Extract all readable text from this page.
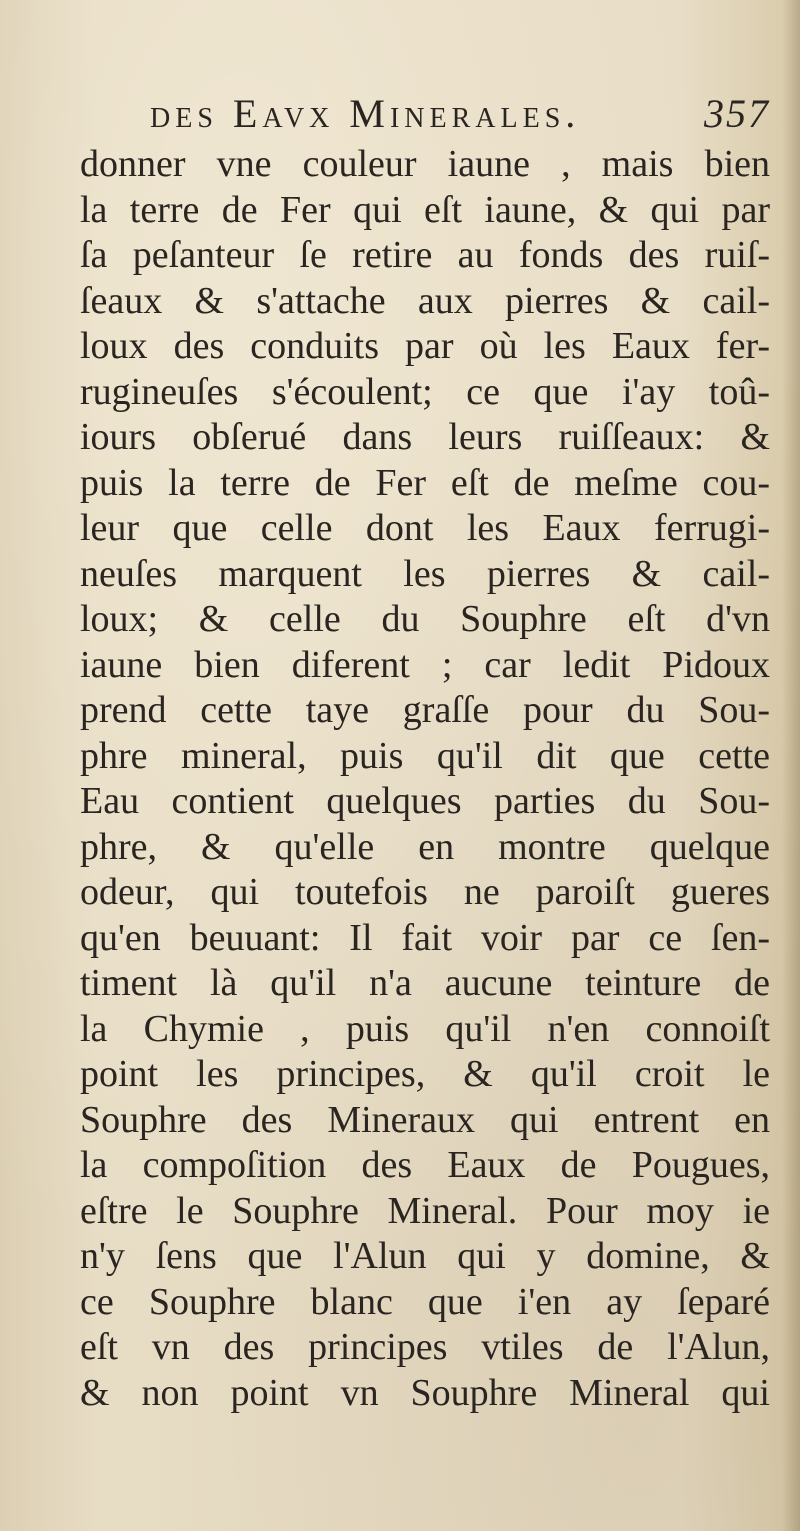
des Eavx Minerales.	357
donner vne couleur iaune , mais bien
la terre de Fer qui eſt iaune, & qui par
ſa peſanteur ſe retire au fonds des ruiſ-
ſeaux & s'attache aux pierres & cail-
loux des conduits par où les Eaux fer-
rugineuſes s'écoulent; ce que i'ay toû-
iours obſerué dans leurs ruiſſeaux: &
puis la terre de Fer eſt de meſme cou-
leur que celle dont les Eaux ferrugi-
neuſes marquent les pierres & cail-
loux; & celle du Souphre eſt d'vn
iaune bien diferent ; car ledit Pidoux
prend cette taye graſſe pour du Sou-
phre mineral, puis qu'il dit que cette
Eau contient quelques parties du Sou-
phre, & qu'elle en montre quelque
odeur, qui toutefois ne paroiſt gueres
qu'en beuuant: Il fait voir par ce ſen-
timent là qu'il n'a aucune teinture de
la Chymie , puis qu'il n'en connoiſt
point les principes, & qu'il croit le
Souphre des Mineraux qui entrent en
la compoſition des Eaux de Pougues,
eſtre le Souphre Mineral. Pour moy ie
n'y ſens que l'Alun qui y domine, &
ce Souphre blanc que i'en ay ſeparé
eſt vn des principes vtiles de l'Alun,
& non point vn Souphre Mineral qui
